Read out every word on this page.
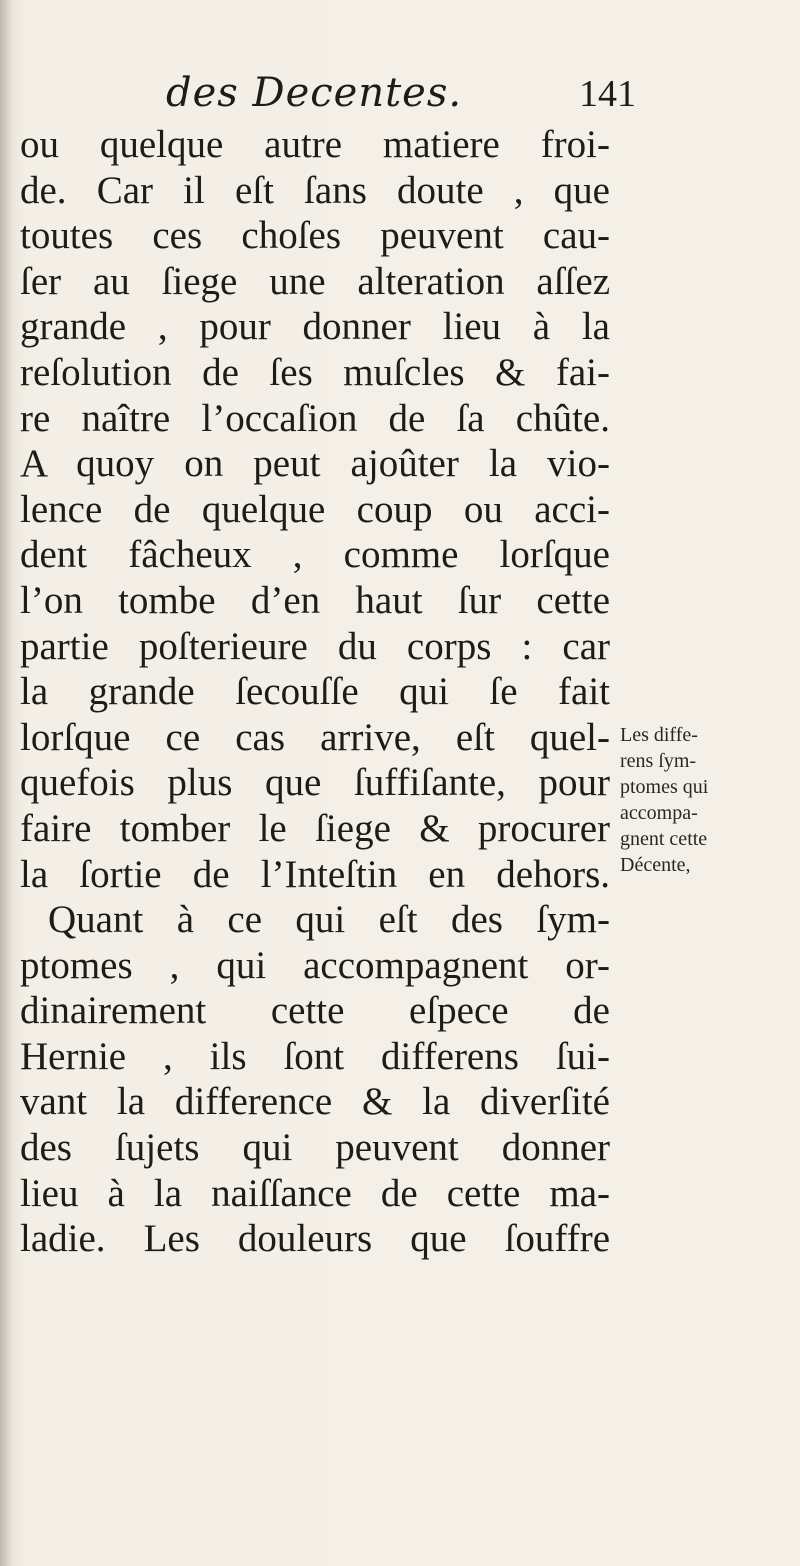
des Decentes.	141
ou quelque autre matiere froi-
de. Car il eſt ſans doute , que
toutes ces choſes peuvent cau-
ſer au ſiege une alteration aſſez
grande , pour donner lieu à la
reſolution de ſes muſcles & fai-
re naître l’occaſion de ſa chûte.
A quoy on peut ajoûter la vio-
lence de quelque coup ou acci-
dent fâcheux , comme lorſque
l’on tombe d’en haut ſur cette
partie poſterieure du corps : car
la grande ſecouſſe qui ſe fait
lorſque ce cas arrive, eſt quel-
quefois plus que ſuffiſante, pour
faire tomber le ſiege & procurer
la ſortie de l’Inteſtin en dehors.
Quant à ce qui eſt des ſym-
ptomes , qui accompagnent or-
dinairement cette eſpece de
Hernie , ils ſont differens ſui-
vant la difference & la diverſité
des ſujets qui peuvent donner
lieu à la naiſſance de cette ma-
ladie. Les douleurs que ſouffre
Les diffe-
rens ſym-
ptomes qui
accompa-
gnent cette
Décente,
